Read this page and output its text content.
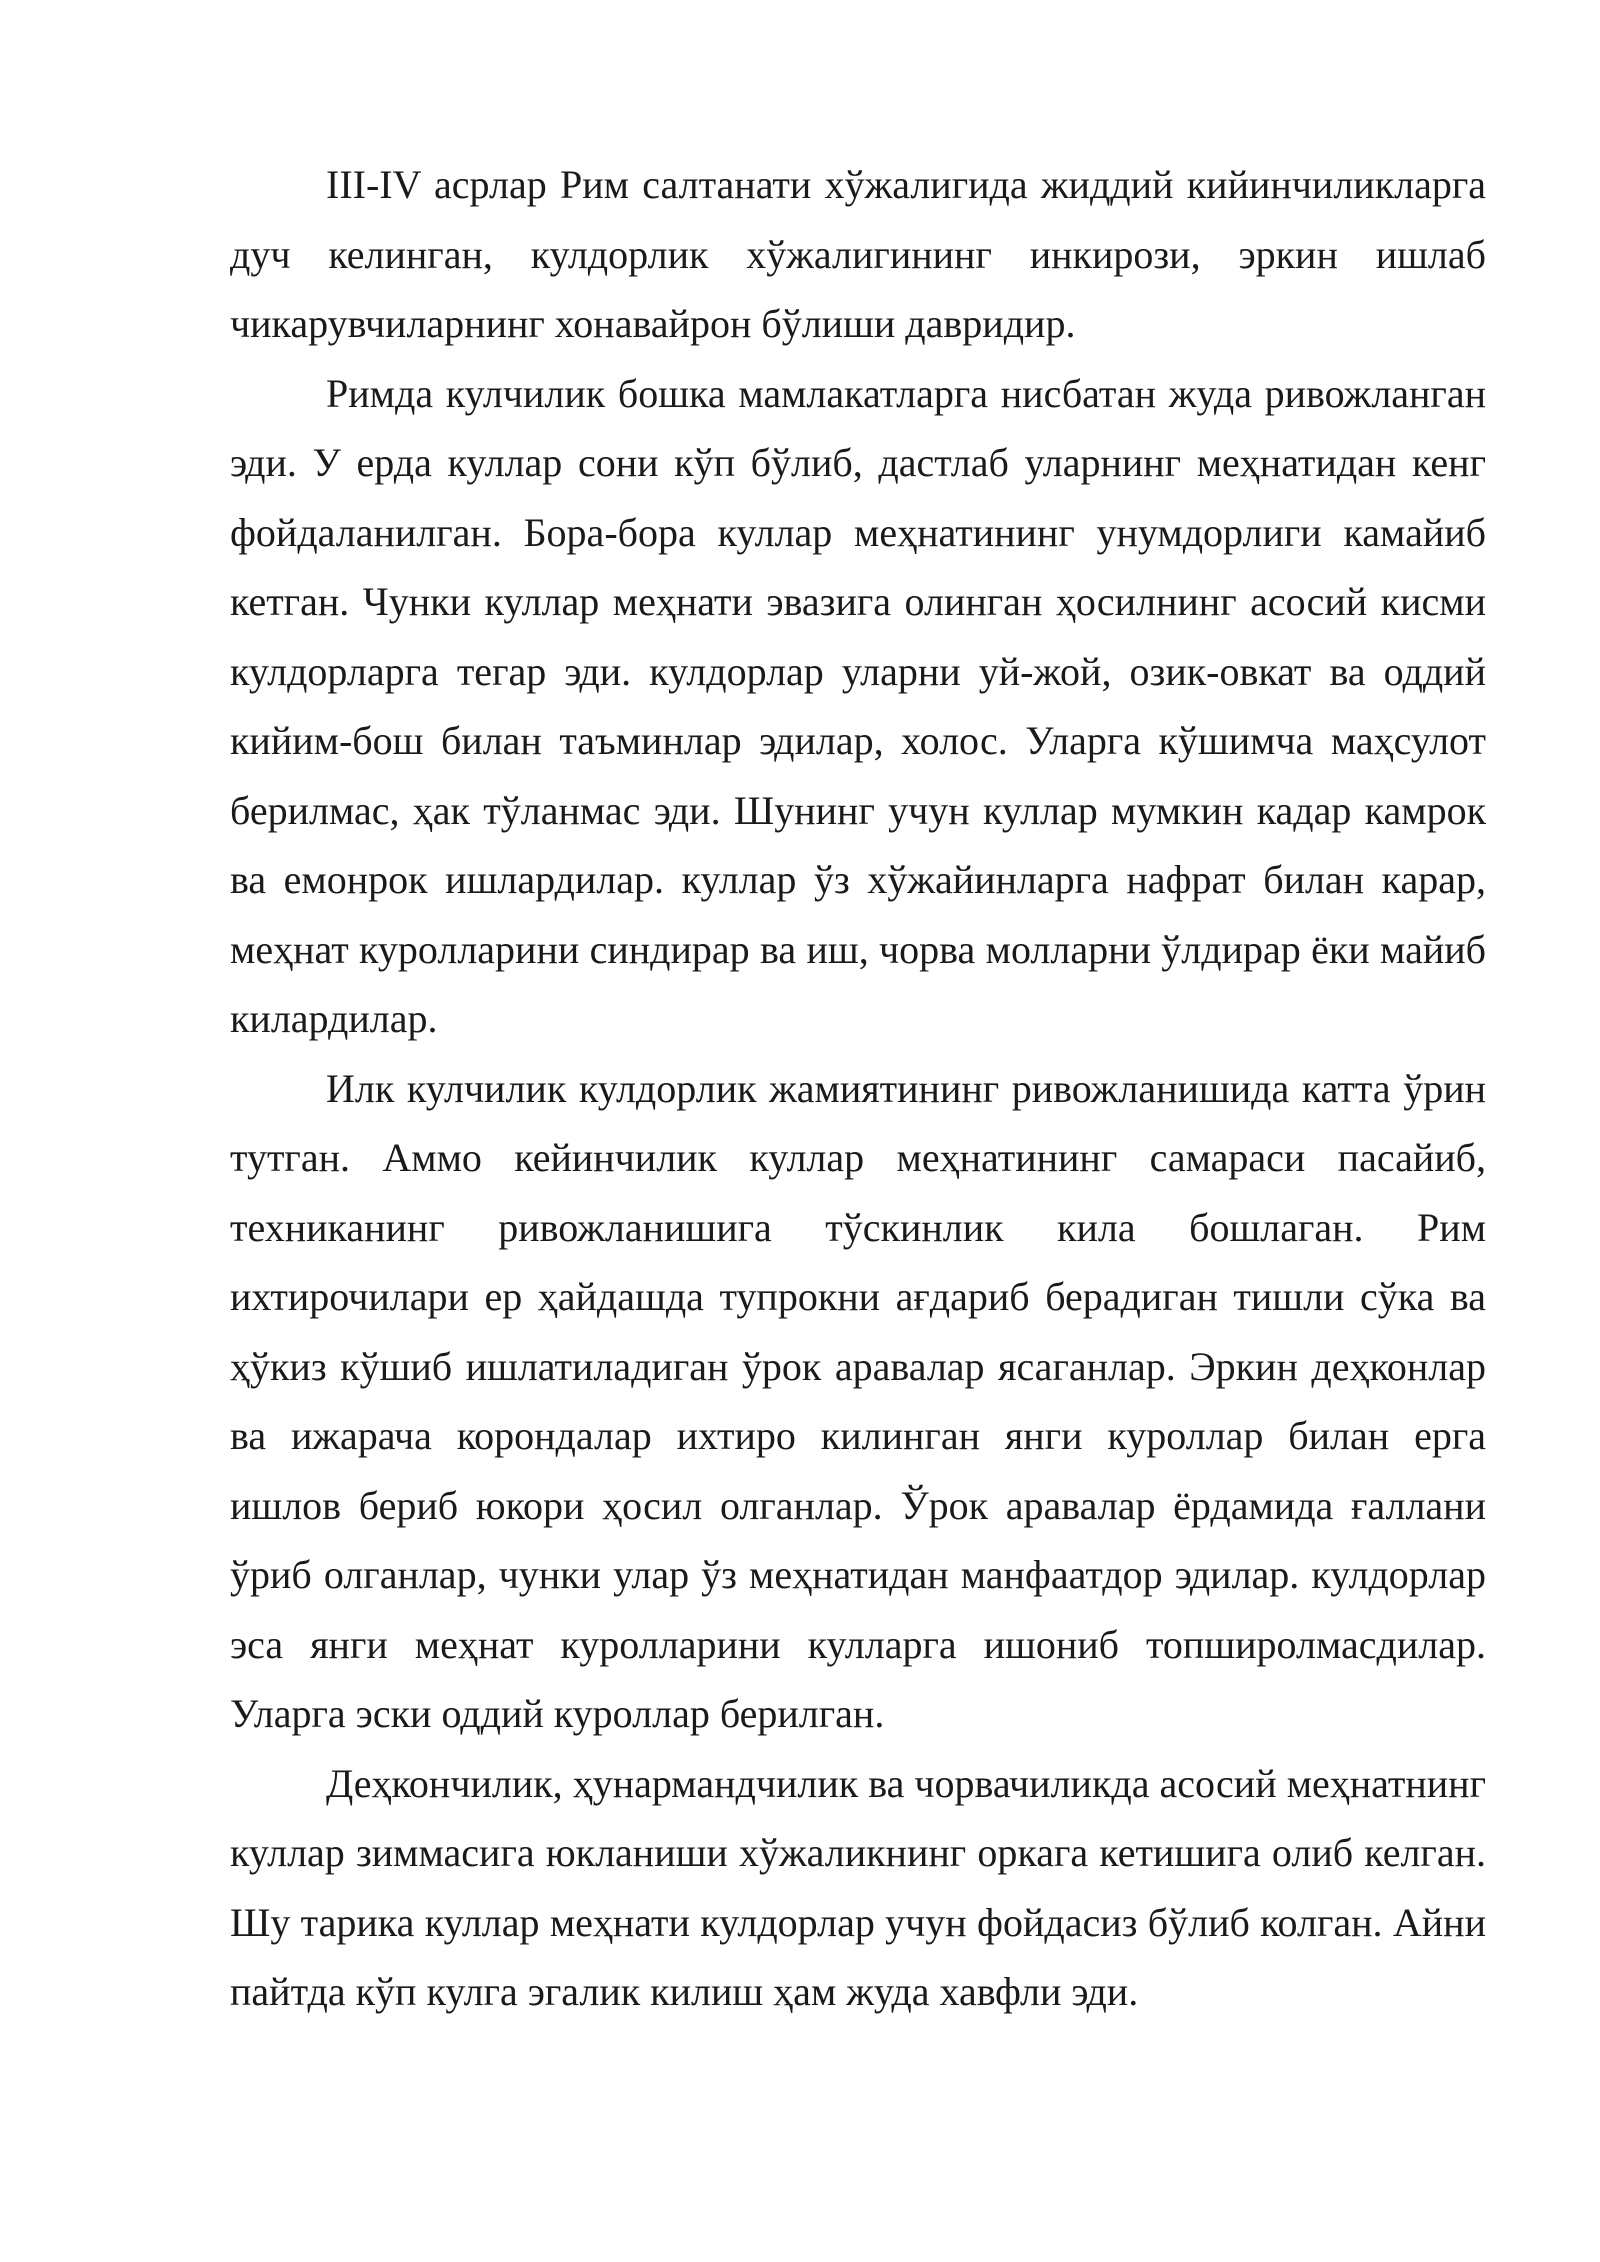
III-IV асрлар Рим салтанати хўжалигида жиддий кийинчиликларга дуч келинган, кулдорлик хўжалигининг инкирози, эркин ишлаб чикарувчиларнинг хонавайрон бўлиши давридир.

Римда кулчилик бошка мамлакатларга нисбатан жуда ривожланган эди. У ерда куллар сони кўп бўлиб, дастлаб уларнинг меҳнатидан кенг фойдаланилган. Бора-бора куллар меҳнатининг унумдорлиги камайиб кетган. Чунки куллар меҳнати эвазига олинган ҳосилнинг асосий кисми кулдорларга тегар эди. кулдорлар уларни уй-жой, озик-овкат ва оддий кийим-бош билан таъминлар эдилар, холос. Уларга кўшимча маҳсулот берилмас, ҳак тўланмас эди. Шунинг учун куллар мумкин кадар камрок ва емонрок ишлардилар. куллар ўз хўжайинларга нафрат билан карар, меҳнат куролларини синдирар ва иш, чорва молларни ўлдирар ёки майиб килардилар.

Илк кулчилик кулдорлик жамиятининг ривожланишида катта ўрин тутган. Аммо кейинчилик куллар меҳнатининг самараси пасайиб, техниканинг ривожланишига тўскинлик кила бошлаган. Рим ихтирочилари ер ҳайдашда тупрокни ағдариб берадиган тишли сўка ва ҳўкиз кўшиб ишлатиладиган ўрок аравалар ясаганлар. Эркин деҳконлар ва ижарача корондалар ихтиро килинган янги куроллар билан ерга ишлов бериб юкори ҳосил олганлар. Ўрок аравалар ёрдамида ғаллани ўриб олганлар, чунки улар ўз меҳнатидан манфаатдор эдилар. кулдорлар эса янги меҳнат куролларини кулларга ишониб топширолмасдилар. Уларга эски оддий куроллар берилган.

Деҳкончилик, ҳунармандчилик ва чорвачиликда асосий меҳнатнинг куллар зиммасига юкланиши хўжаликнинг оркага кетишига олиб келган. Шу тарика куллар меҳнати кулдорлар учун фойдасиз бўлиб колган. Айни пайтда кўп кулга эгалик килиш ҳам жуда хавфли эди.
